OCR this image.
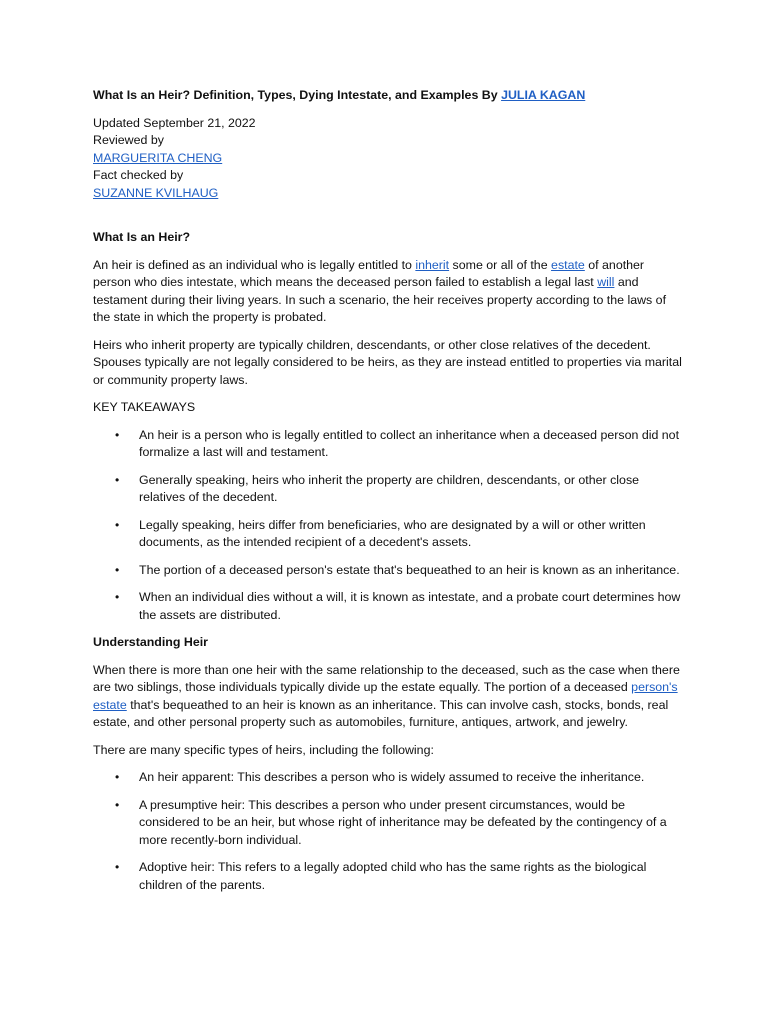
What Is an Heir? Definition, Types, Dying Intestate, and Examples By JULIA KAGAN

Updated September 21, 2022

Reviewed by

MARGUERITA CHENG

Fact checked by

SUZANNE KVILHAUG

What Is an Heir?

An heir is defined as an individual who is legally entitled to inherit some or all of the estate of another person who dies intestate, which means the deceased person failed to establish a legal last will and testament during their living years. In such a scenario, the heir receives property according to the laws of the state in which the property is probated.

Heirs who inherit property are typically children, descendants, or other close relatives of the decedent. Spouses typically are not legally considered to be heirs, as they are instead entitled to properties via marital or community property laws.

KEY TAKEAWAYS

• An heir is a person who is legally entitled to collect an inheritance when a deceased person did not formalize a last will and testament.
• Generally speaking, heirs who inherit the property are children, descendants, or other close relatives of the decedent.
• Legally speaking, heirs differ from beneficiaries, who are designated by a will or other written documents, as the intended recipient of a decedent's assets.
• The portion of a deceased person's estate that's bequeathed to an heir is known as an inheritance.
• When an individual dies without a will, it is known as intestate, and a probate court determines how the assets are distributed.

Understanding Heir

When there is more than one heir with the same relationship to the deceased, such as the case when there are two siblings, those individuals typically divide up the estate equally. The portion of a deceased person's estate that's bequeathed to an heir is known as an inheritance. This can involve cash, stocks, bonds, real estate, and other personal property such as automobiles, furniture, antiques, artwork, and jewelry.

There are many specific types of heirs, including the following:

• An heir apparent: This describes a person who is widely assumed to receive the inheritance.
• A presumptive heir: This describes a person who under present circumstances, would be considered to be an heir, but whose right of inheritance may be defeated by the contingency of a more recently-born individual.
• Adoptive heir: This refers to a legally adopted child who has the same rights as the biological children of the parents.
